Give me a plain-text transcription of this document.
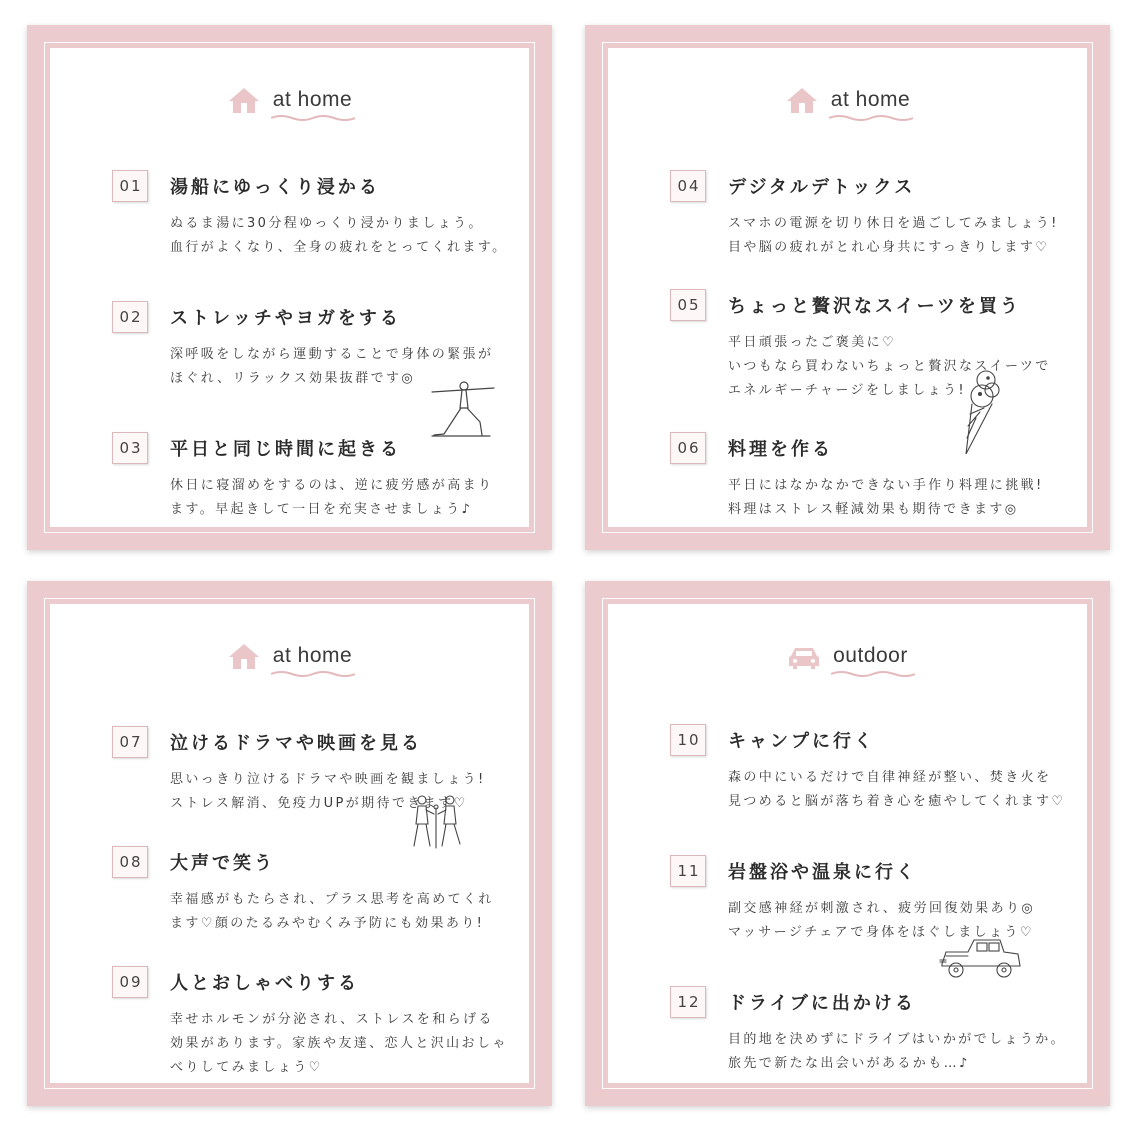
at home
01	湯船にゆっくり浸かる
ぬるま湯に30分程ゆっくり浸かりましょう。
血行がよくなり、全身の疲れをとってくれます。
02	ストレッチやヨガをする
深呼吸をしながら運動することで身体の緊張が
ほぐれ、リラックス効果抜群です◎
03	平日と同じ時間に起きる
休日に寝溜めをするのは、逆に疲労感が高まり
ます。早起きして一日を充実させましょう♪
at home
04	デジタルデトックス
スマホの電源を切り休日を過ごしてみましょう!
目や脳の疲れがとれ心身共にすっきりします♡
05	ちょっと贅沢なスイーツを買う
平日頑張ったご褒美に♡
いつもなら買わないちょっと贅沢なスイーツで
エネルギーチャージをしましょう!
06	料理を作る
平日にはなかなかできない手作り料理に挑戦!
料理はストレス軽減効果も期待できます◎
at home
07	泣けるドラマや映画を見る
思いっきり泣けるドラマや映画を観ましょう!
ストレス解消、免疫力UPが期待できます♡
08	大声で笑う
幸福感がもたらされ、プラス思考を高めてくれ
ます♡顔のたるみやむくみ予防にも効果あり!
09	人とおしゃべりする
幸せホルモンが分泌され、ストレスを和らげる
効果があります。家族や友達、恋人と沢山おしゃ
べりしてみましょう♡
outdoor
10	キャンプに行く
森の中にいるだけで自律神経が整い、焚き火を
見つめると脳が落ち着き心を癒やしてくれます♡
11	岩盤浴や温泉に行く
副交感神経が刺激され、疲労回復効果あり◎
マッサージチェアで身体をほぐしましょう♡
12	ドライブに出かける
目的地を決めずにドライブはいかがでしょうか。
旅先で新たな出会いがあるかも…♪
